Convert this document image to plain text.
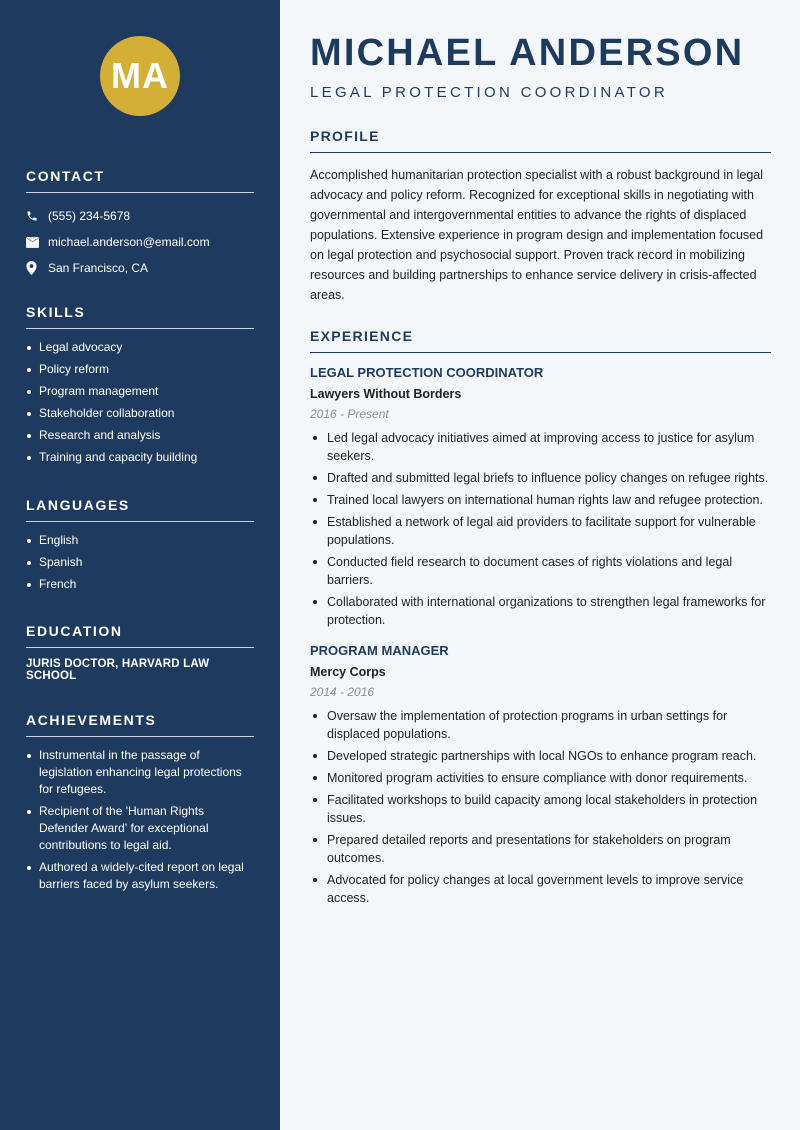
MA
CONTACT
(555) 234-5678
michael.anderson@email.com
San Francisco, CA
SKILLS
Legal advocacy
Policy reform
Program management
Stakeholder collaboration
Research and analysis
Training and capacity building
LANGUAGES
English
Spanish
French
EDUCATION
JURIS DOCTOR, HARVARD LAW SCHOOL
ACHIEVEMENTS
Instrumental in the passage of legislation enhancing legal protections for refugees.
Recipient of the 'Human Rights Defender Award' for exceptional contributions to legal aid.
Authored a widely-cited report on legal barriers faced by asylum seekers.
MICHAEL ANDERSON
LEGAL PROTECTION COORDINATOR
PROFILE

Accomplished humanitarian protection specialist with a robust background in legal advocacy and policy reform. Recognized for exceptional skills in negotiating with governmental and intergovernmental entities to advance the rights of displaced populations. Extensive experience in program design and implementation focused on legal protection and psychosocial support. Proven track record in mobilizing resources and building partnerships to enhance service delivery in crisis-affected areas.

EXPERIENCE
LEGAL PROTECTION COORDINATOR
Lawyers Without Borders
2016 - Present
Led legal advocacy initiatives aimed at improving access to justice for asylum seekers.
Drafted and submitted legal briefs to influence policy changes on refugee rights.
Trained local lawyers on international human rights law and refugee protection.
Established a network of legal aid providers to facilitate support for vulnerable populations.
Conducted field research to document cases of rights violations and legal barriers.
Collaborated with international organizations to strengthen legal frameworks for protection.
PROGRAM MANAGER
Mercy Corps
2014 - 2016
Oversaw the implementation of protection programs in urban settings for displaced populations.
Developed strategic partnerships with local NGOs to enhance program reach.
Monitored program activities to ensure compliance with donor requirements.
Facilitated workshops to build capacity among local stakeholders in protection issues.
Prepared detailed reports and presentations for stakeholders on program outcomes.
Advocated for policy changes at local government levels to improve service access.
